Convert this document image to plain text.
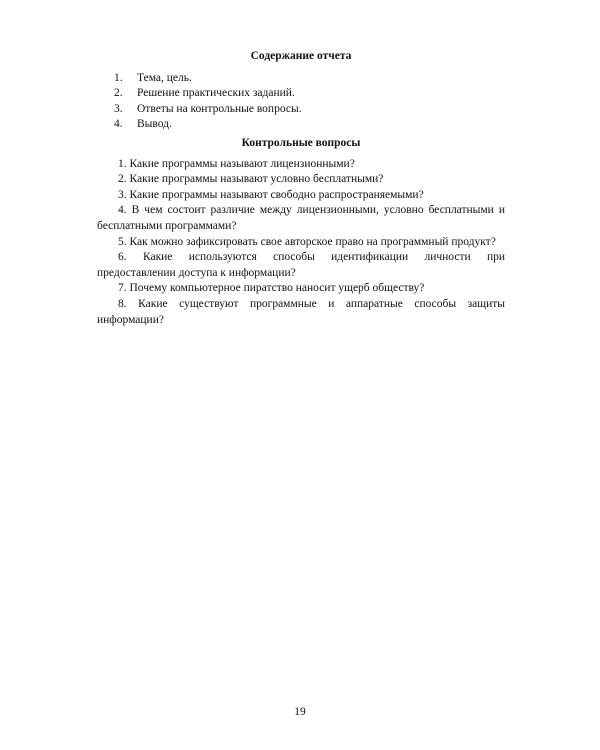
Содержание отчета
1. Тема, цель.
2. Решение практических заданий.
3. Ответы на контрольные вопросы.
4. Вывод.
Контрольные вопросы

1. Какие программы называют лицензионными?

2. Какие программы называют условно бесплатными?

3. Какие программы называют свободно распространяемыми?

4. В чем состоит различие между лицензионными, условно бесплатными и бесплатными программами?

5. Как можно зафиксировать свое авторское право на программный продукт?

6. Какие используются способы идентификации личности при предоставлении доступа к информации?

7. Почему компьютерное пиратство наносит ущерб обществу?

8. Какие существуют программные и аппаратные способы защиты информации?

19
